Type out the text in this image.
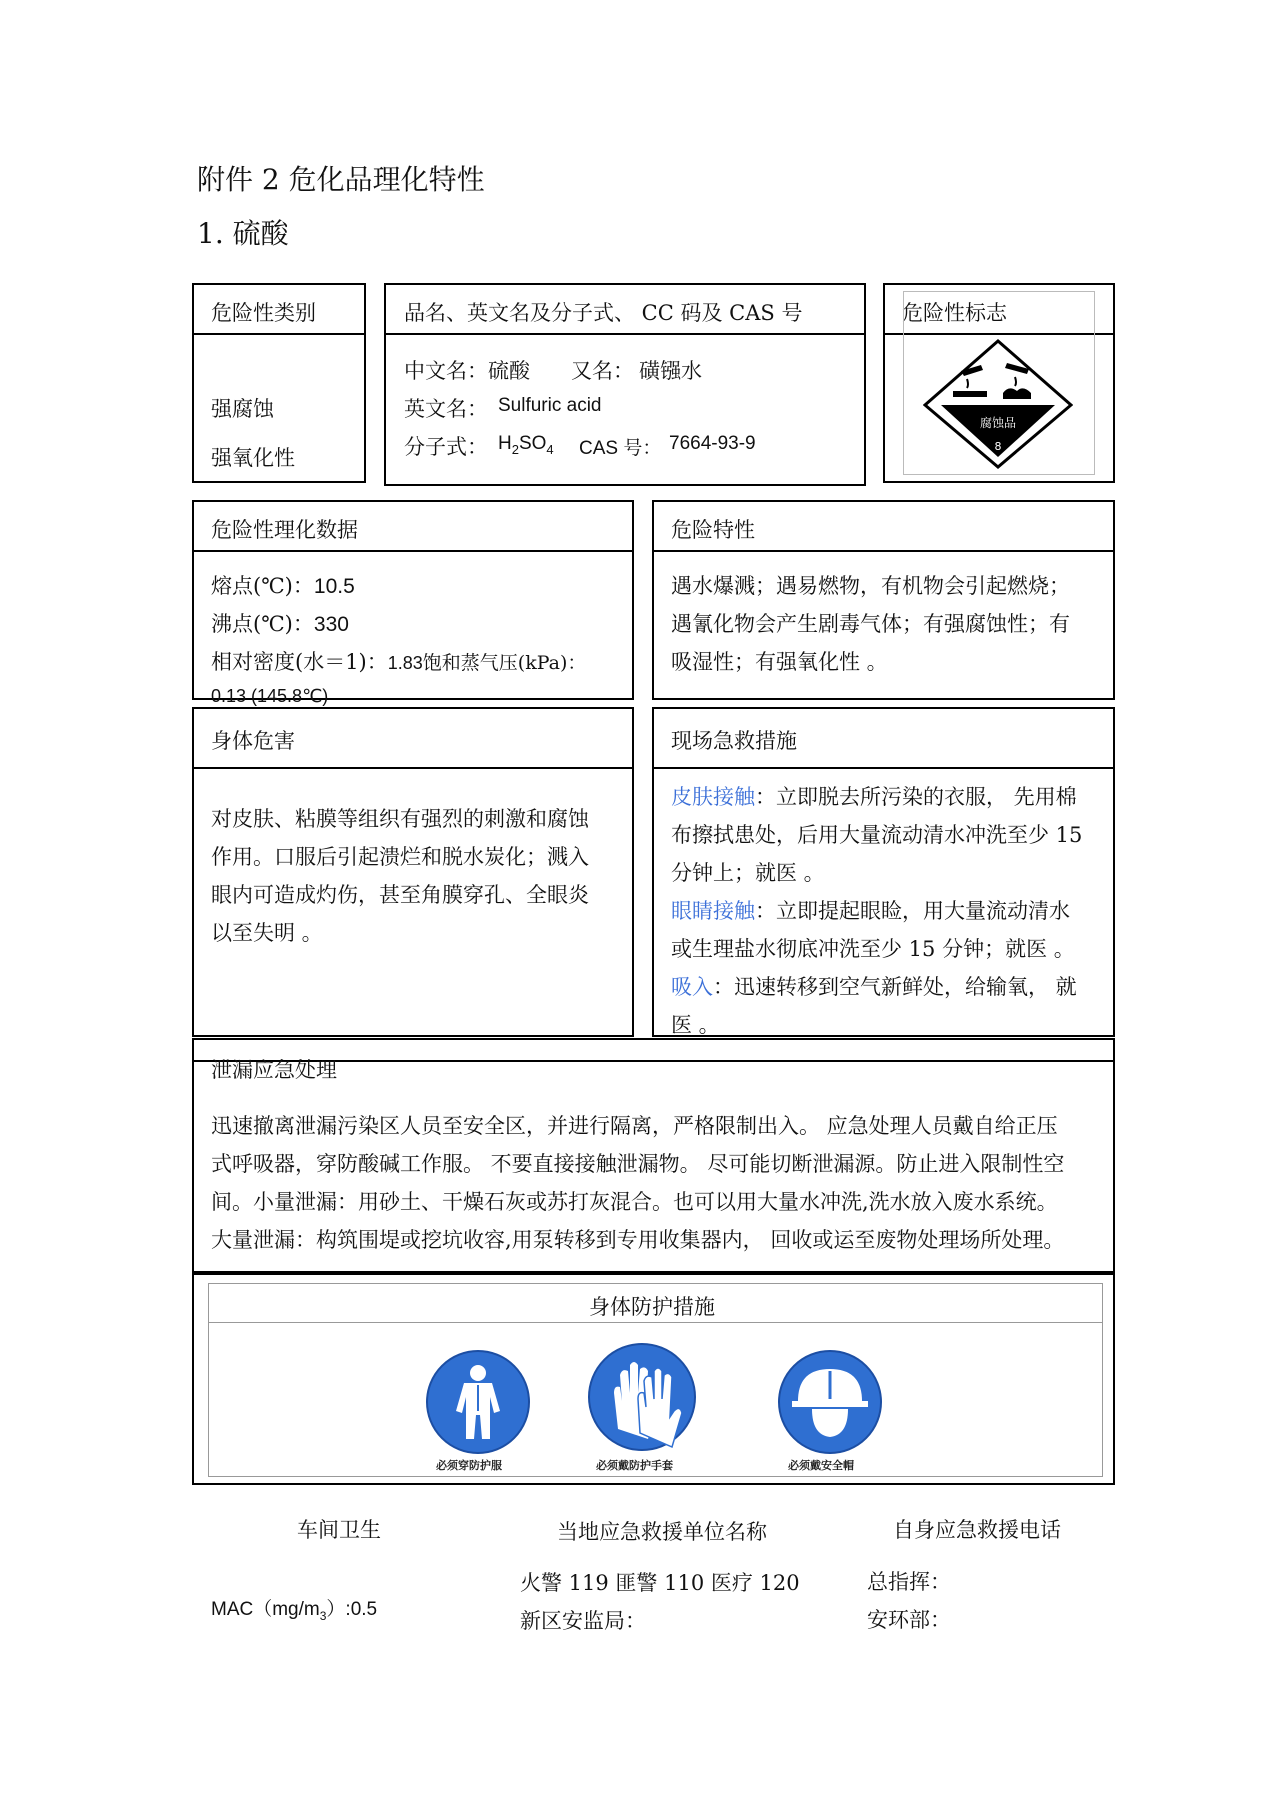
附件 2 危化品理化特性
1. 硫酸
危险性类别
强腐蚀
强氧化性
品名、英文名及分子式、 CC 码及 CAS 号
中文名：硫酸 又名： 磺镪水
英文名： Sulfuric acid
分子式： $H_2SO_4$ CAS 号： 7664-93-9
危险性标志
腐蚀品
8
危险性理化数据
熔点(℃)：10.5
沸点(℃)：330
相对密度(水＝1)：1.83饱和蒸气压(kPa)：
0.13 (145.8℃)
危险特性
遇水爆溅；遇易燃物，有机物会引起燃烧；
遇氰化物会产生剧毒气体；有强腐蚀性；有
吸湿性；有强氧化性 。
身体危害
对皮肤、粘膜等组织有强烈的刺激和腐蚀
作用。口服后引起溃烂和脱水炭化；溅入
眼内可造成灼伤，甚至角膜穿孔、全眼炎
以至失明 。
现场急救措施
皮肤接触：立即脱去所污染的衣服， 先用棉
布擦拭患处，后用大量流动清水冲洗至少 15
分钟上；就医 。
眼睛接触：立即提起眼睑，用大量流动清水
或生理盐水彻底冲洗至少 15 分钟；就医 。
吸入：迅速转移到空气新鲜处，给输氧， 就
医 。
泄漏应急处理
迅速撤离泄漏污染区人员至安全区，并进行隔离，严格限制出入。 应急处理人员戴自给正压
式呼吸器，穿防酸碱工作服。 不要直接接触泄漏物。 尽可能切断泄漏源。防止进入限制性空
间。小量泄漏：用砂土、干燥石灰或苏打灰混合。也可以用大量水冲洗,洗水放入废水系统。
大量泄漏：构筑围堤或挖坑收容,用泵转移到专用收集器内， 回收或运至废物处理场所处理。
身体防护措施
必须穿防护服	必须戴防护手套	必须戴安全帽
车间卫生	当地应急救援单位名称	自身应急救援电话
$MAC(mg/m_3):0.5$
火警 119 匪警 110 医疗 120
新区安监局：
总指挥：
安环部：
